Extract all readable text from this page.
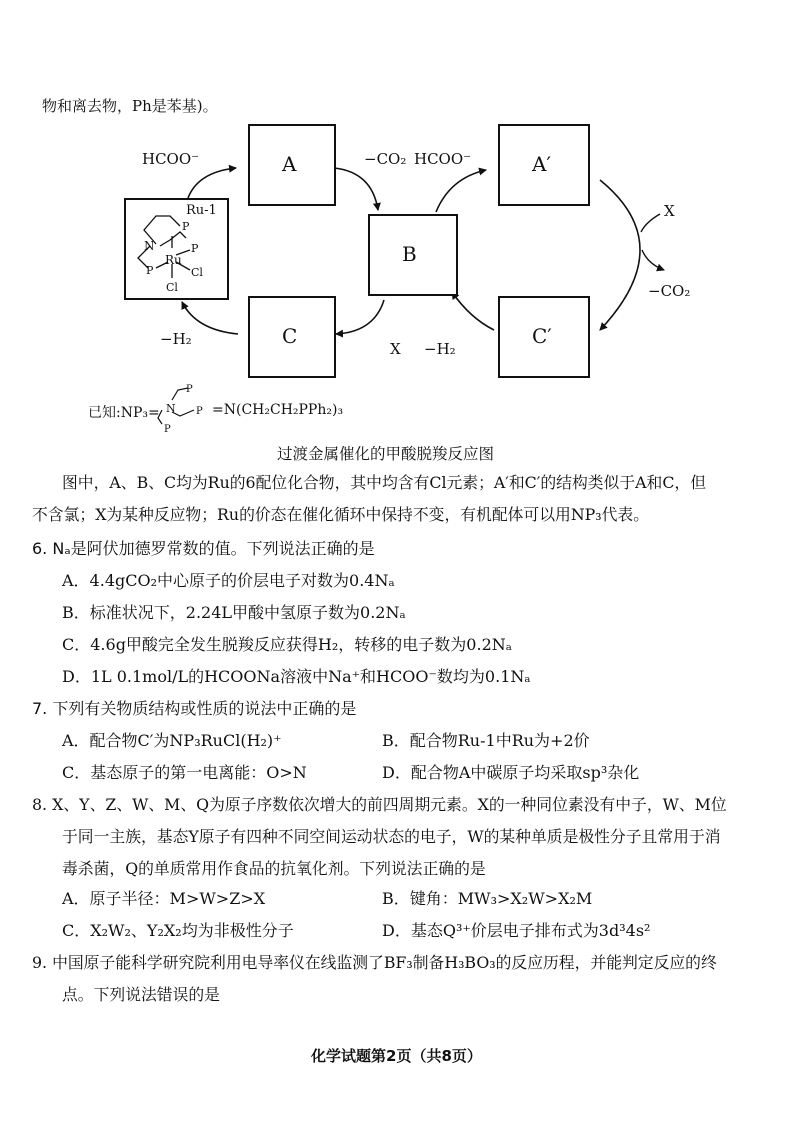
物和离去物，Ph是苯基)。
N
P
P
P
Ru
Cl
Cl
Ru-1
N
P
P
P
A	A′
B
C	C′
HCOO⁻	−CO₂ HCOO⁻
X
−CO₂
−H₂
X
−H₂
已知:NP₃=	=N(CH₂CH₂PPh₂)₃
过渡金属催化的甲酸脱羧反应图
图中，A、B、C均为Ru的6配位化合物，其中均含有Cl元素；A′和C′的结构类似于A和C，但
不含氯；X为某种反应物；Ru的价态在催化循环中保持不变，有机配体可以用NP₃代表。
6. Nₐ是阿伏加德罗常数的值。下列说法正确的是
A．4.4gCO₂中心原子的价层电子对数为0.4Nₐ
B．标准状况下，2.24L甲酸中氢原子数为0.2Nₐ
C．4.6g甲酸完全发生脱羧反应获得H₂，转移的电子数为0.2Nₐ
D．1L 0.1mol/L的HCOONa溶液中Na⁺和HCOO⁻数均为0.1Nₐ
7. 下列有关物质结构或性质的说法中正确的是
A．配合物C′为NP₃RuCl(H₂)⁺	B．配合物Ru-1中Ru为+2价
C．基态原子的第一电离能：O>N	D．配合物A中碳原子均采取sp³杂化
8. X、Y、Z、W、M、Q为原子序数依次增大的前四周期元素。X的一种同位素没有中子，W、M位
于同一主族，基态Y原子有四种不同空间运动状态的电子，W的某种单质是极性分子且常用于消
毒杀菌，Q的单质常用作食品的抗氧化剂。下列说法正确的是
A．原子半径：M>W>Z>X	B．键角：MW₃>X₂W>X₂M
C．X₂W₂、Y₂X₂均为非极性分子	D．基态Q³⁺价层电子排布式为3d³4s²
9. 中国原子能科学研究院利用电导率仪在线监测了BF₃制备H₃BO₃的反应历程，并能判定反应的终
点。下列说法错误的是
化学试题第2页（共8页）
